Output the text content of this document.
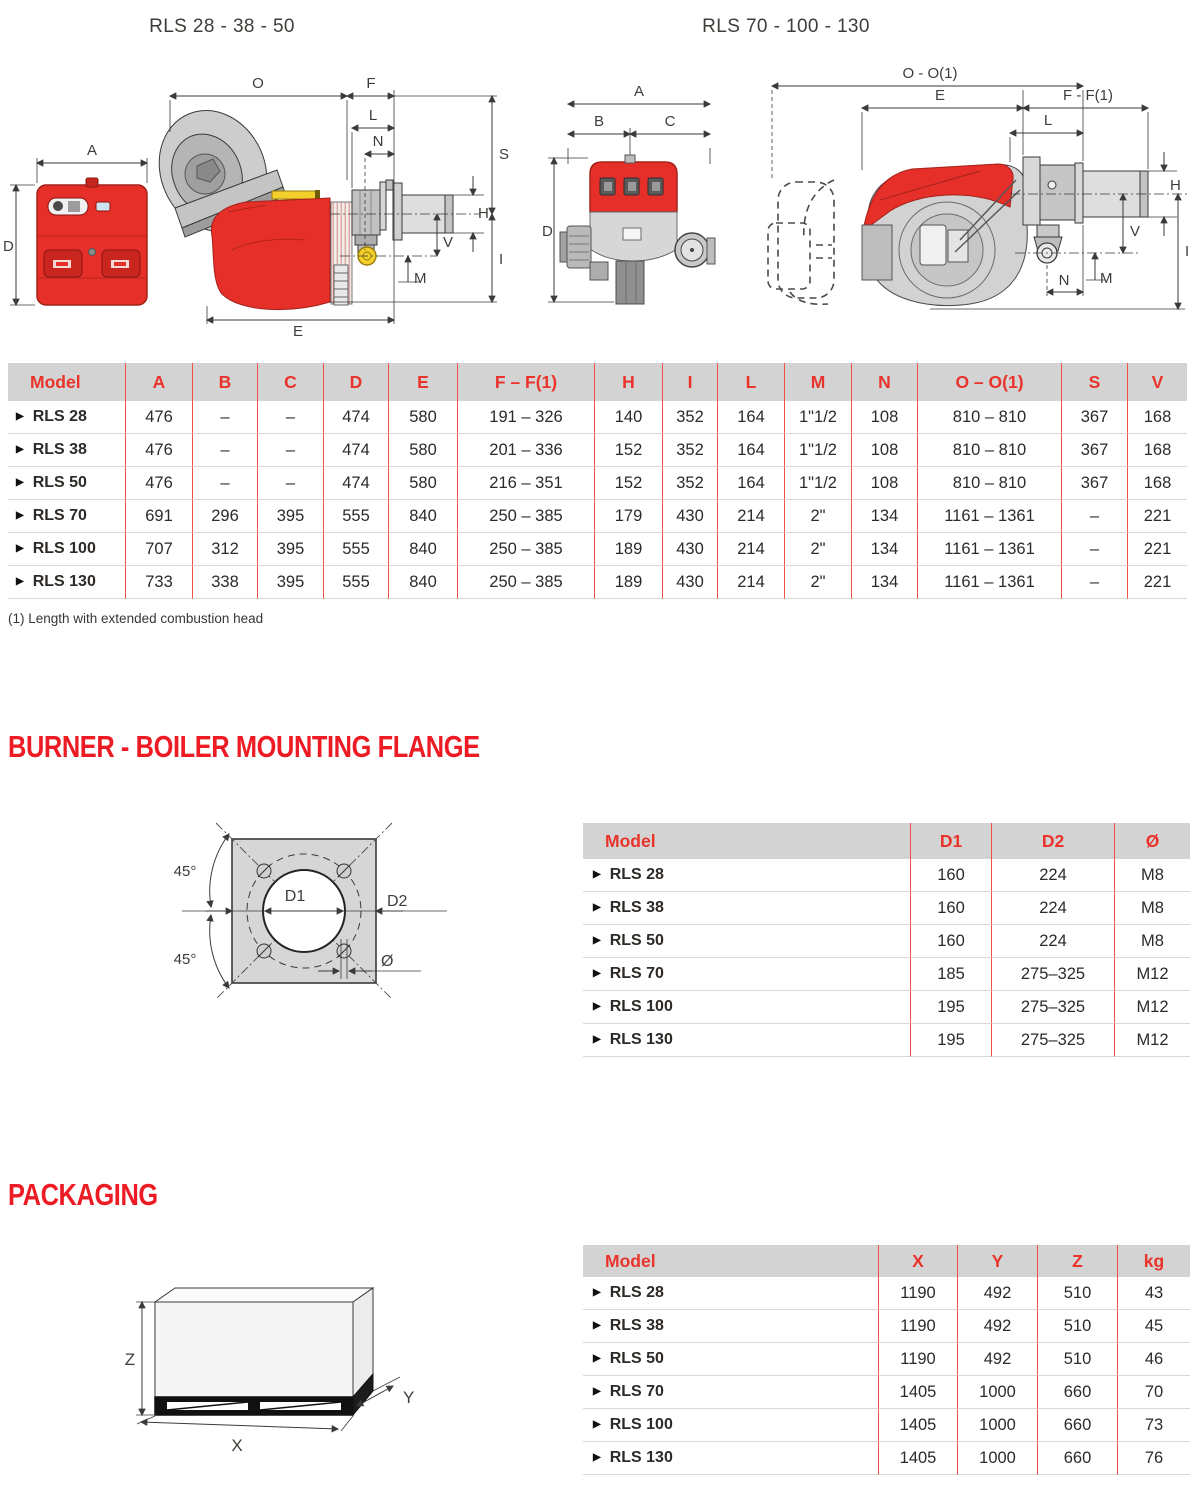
RLS 28 - 38 - 50	RLS 70 - 100 - 130
A
D
O	F
L
N
S
I
H
V
M
E
A
B	C
D
O - O(1)
E	F - F(1)
L
H
V
I
M
N
Model	A	B	C	D	E	F – F(1)	H	I	L	M	N	O – O(1)	S	V

▶ RLS 28	476	–	–	474	580	191 – 326	140	352	164	1"1/2	108	810 – 810	367	168

▶ RLS 38	476	–	–	474	580	201 – 336	152	352	164	1"1/2	108	810 – 810	367	168

▶ RLS 50	476	–	–	474	580	216 – 351	152	352	164	1"1/2	108	810 – 810	367	168

▶ RLS 70	691	296	395	555	840	250 – 385	179	430	214	2"	134	1161 – 1361	–	221

▶ RLS 100	707	312	395	555	840	250 – 385	189	430	214	2"	134	1161 – 1361	–	221

▶ RLS 130	733	338	395	555	840	250 – 385	189	430	214	2"	134	1161 – 1361	–	221
(1) Length with extended combustion head
BURNER - BOILER MOUNTING FLANGE
D1	D2
45°
45°	Ø
Model	D1	D2	Ø

▶ RLS 28	160	224	M8

▶ RLS 38	160	224	M8

▶ RLS 50	160	224	M8

▶ RLS 70	185	275–325	M12

▶ RLS 100	195	275–325	M12

▶ RLS 130	195	275–325	M12
PACKAGING
Z
X
Y
Model	X	Y	Z	kg

▶ RLS 28	1190	492	510	43

▶ RLS 38	1190	492	510	45

▶ RLS 50	1190	492	510	46

▶ RLS 70	1405	1000	660	70

▶ RLS 100	1405	1000	660	73

▶ RLS 130	1405	1000	660	76
